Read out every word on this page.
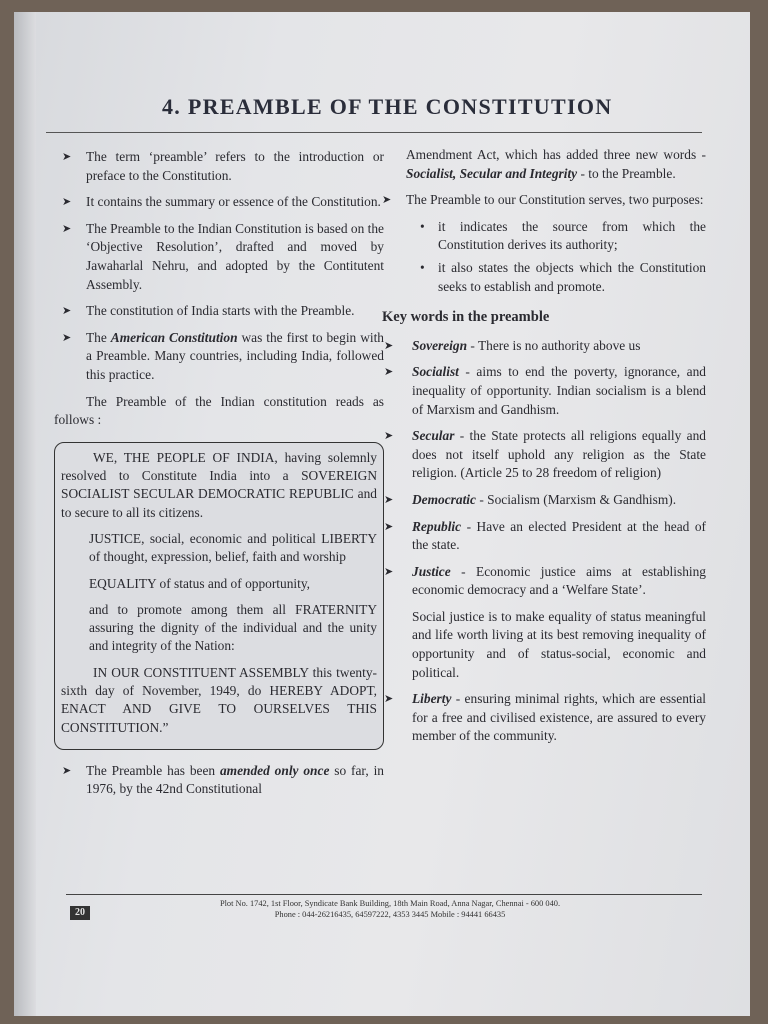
4. PREAMBLE OF THE CONSTITUTION
➤ The term ‘preamble’ refers to the introduction or preface to the Constitution.
➤ It contains the summary or essence of the Constitution.
➤ The Preamble to the Indian Constitution is based on the ‘Objective Resolution’, drafted and moved by Jawaharlal Nehru, and adopted by the Contitutent Assembly.
➤ The constitution of India starts with the Preamble.
➤ The American Constitution was the first to begin with a Preamble. Many countries, including India, followed this practice.

The Preamble of the Indian constitution reads as follows :

WE, THE PEOPLE OF INDIA, having solemnly resolved to Constitute India into a SOVEREIGN SOCIALIST SECULAR DEMOCRATIC REPUBLIC and to secure to all its citizens.

JUSTICE, social, economic and political LIBERTY of thought, expression, belief, faith and worship

EQUALITY of status and of opportunity,

and to promote among them all FRATERNITY assuring the dignity of the individual and the unity and integrity of the Nation:

IN OUR CONSTITUENT ASSEMBLY this twenty-sixth day of November, 1949, do HEREBY ADOPT, ENACT AND GIVE TO OURSELVES THIS CONSTITUTION.”

➤ The Preamble has been amended only once so far, in 1976, by the 42nd Constitutional

Amendment Act, which has added three new words - Socialist, Secular and Integrity - to the Preamble.

➤ The Preamble to our Constitution serves, two purposes:
• it indicates the source from which the Constitution derives its authority;
• it also states the objects which the Constitution seeks to establish and promote.
Key words in the preamble
➤ Sovereign - There is no authority above us
➤ Socialist - aims to end the poverty, ignorance, and inequality of opportunity. Indian socialism is a blend of Marxism and Gandhism.
➤ Secular - the State protects all religions equally and does not itself uphold any religion as the State religion. (Article 25 to 28 freedom of religion)
➤ Democratic - Socialism (Marxism & Gandhism).
➤ Republic - Have an elected President at the head of the state.
➤ Justice - Economic justice aims at establishing economic democracy and a ‘Welfare State’.

Social justice is to make equality of status meaningful and life worth living at its best removing inequality of opportunity and of status-social, economic and political.

➤ Liberty - ensuring minimal rights, which are essential for a free and civilised existence, are assured to every member of the community.
20
Plot No. 1742, 1st Floor, Syndicate Bank Building, 18th Main Road, Anna Nagar, Chennai - 600 040.
Phone : 044-26216435, 64597222, 4353 3445 Mobile : 94441 66435
